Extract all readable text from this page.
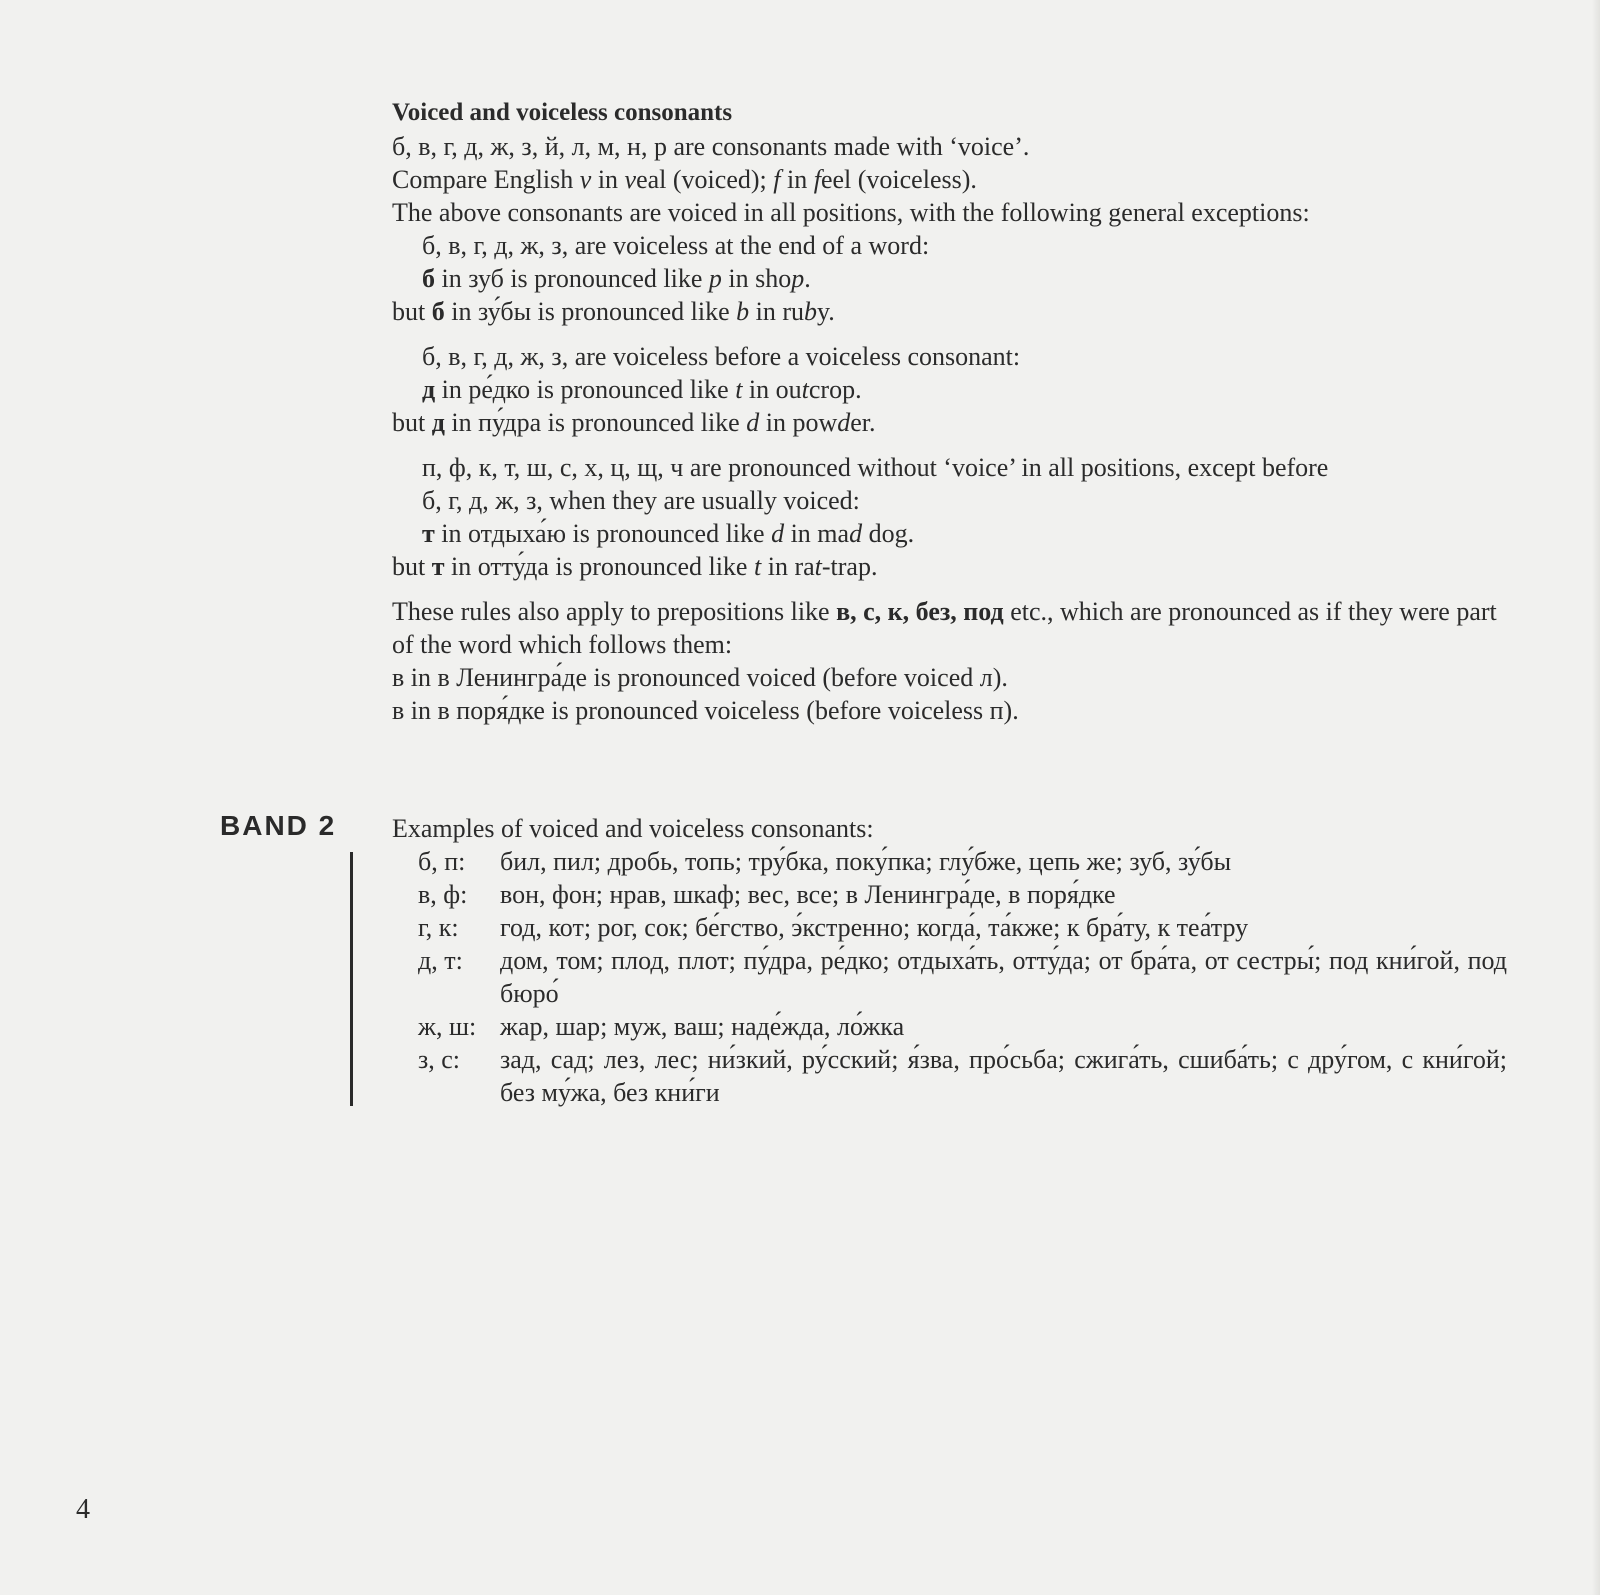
Voiced and voiceless consonants
б, в, г, д, ж, з, й, л, м, н, р are consonants made with ‘voice’.
Compare English v in veal (voiced); f in feel (voiceless).
The above consonants are voiced in all positions, with the following general exceptions:
б, в, г, д, ж, з, are voiceless at the end of a word:
б in зуб is pronounced like p in shop.
but б in зу́бы is pronounced like b in ruby.
б, в, г, д, ж, з, are voiceless before a voiceless consonant:
д in ре́дко is pronounced like t in outcrop.
but д in пу́дра is pronounced like d in powder.
п, ф, к, т, ш, с, х, ц, щ, ч are pronounced without ‘voice’ in all positions, except before
б, г, д, ж, з, when they are usually voiced:
т in отдыха́ю is pronounced like d in mad dog.
but т in отту́да is pronounced like t in rat-trap.
These rules also apply to prepositions like в, с, к, без, под etc., which are pronounced as if they were part of the word which follows them:
в in в Ленингра́де is pronounced voiced (before voiced л).
в in в поря́дке is pronounced voiceless (before voiceless п).
BAND 2 Examples of voiced and voiceless consonants:
б, п:	бил, пил; дробь, топь; тру́бка, поку́пка; глу́бже, цепь же; зуб, зу́бы
в, ф:	вон, фон; нрав, шкаф; вес, все; в Ленингра́де, в поря́дке
г, к:	год, кот; рог, сок; бе́гство, э́кстренно; когда́, та́кже; к бра́ту, к теа́тру
д, т:	дом, том; плод, плот; пу́дра, ре́дко; отдыха́ть, отту́да; от бра́та, от сестры́; под кни́гой, под бюро́
ж, ш: жар, шар; муж, ваш; наде́жда, ло́жка
з, с:	зад, сад; лез, лес; ни́зкий, ру́сский; я́зва, про́сьба; сжига́ть, сшиба́ть; с дру́гом, с кни́гой; без му́жа, без кни́ги
4
